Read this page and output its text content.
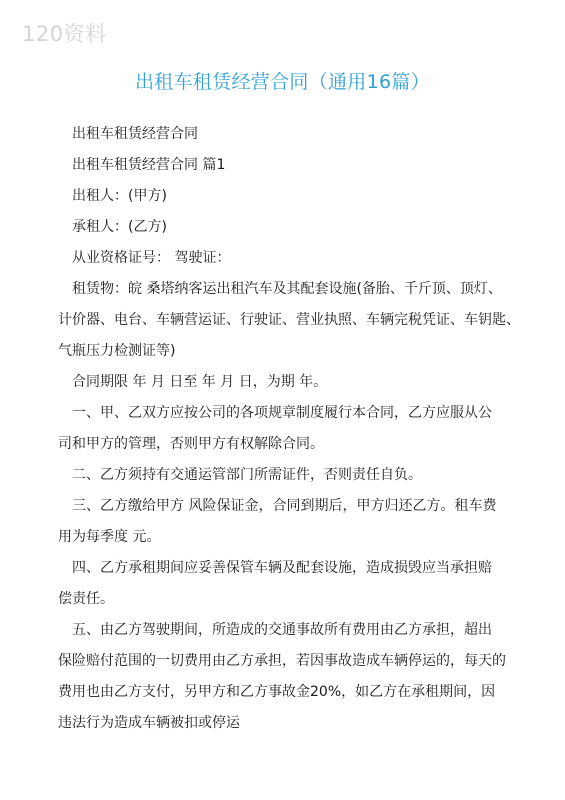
120资料
出租车租赁经营合同（通用16篇）

出租车租赁经营合同

出租车租赁经营合同 篇1

出租人：(甲方)

承租人：(乙方)

从业资格证号： 驾驶证：

租赁物：皖 桑塔纳客运出租汽车及其配套设施(备胎、千斤顶、顶灯、

计价器、电台、车辆营运证、行驶证、营业执照、车辆完税凭证、车钥匙、

气瓶压力检测证等)

合同期限 年 月 日至 年 月 日，为期 年。

一、甲、乙双方应按公司的各项规章制度履行本合同，乙方应服从公

司和甲方的管理，否则甲方有权解除合同。

二、乙方须持有交通运管部门所需证件，否则责任自负。

三、乙方缴给甲方 风险保证金，合同到期后，甲方归还乙方。租车费

用为每季度 元。

四、乙方承租期间应妥善保管车辆及配套设施，造成损毁应当承担赔

偿责任。

五、由乙方驾驶期间，所造成的交通事故所有费用由乙方承担，超出

保险赔付范围的一切费用由乙方承担，若因事故造成车辆停运的，每天的

费用也由乙方支付，另甲方和乙方事故金20%，如乙方在承租期间，因

违法行为造成车辆被扣或停运
